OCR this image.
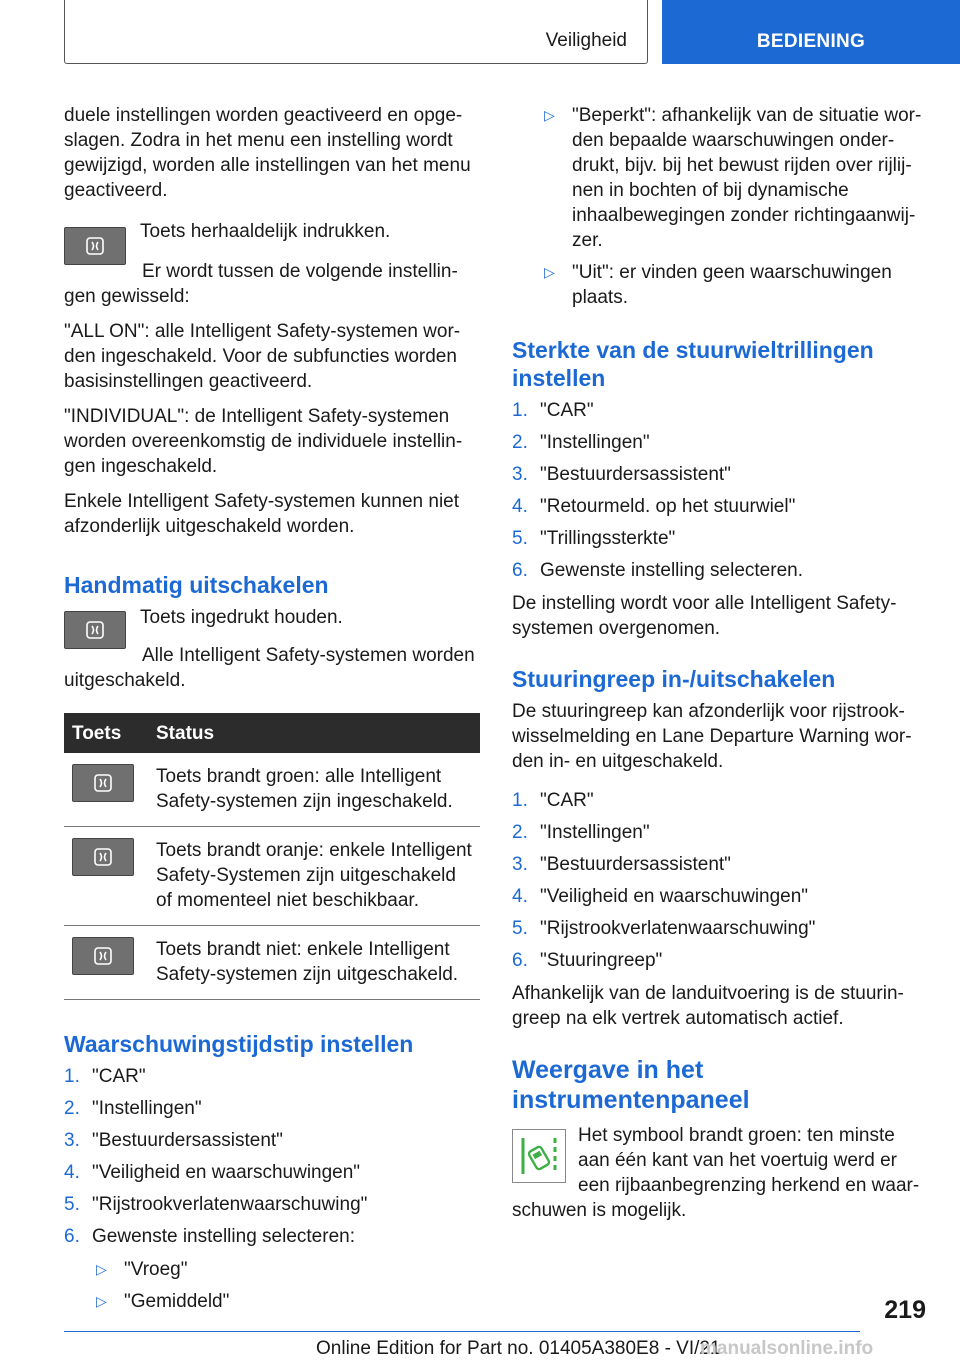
Veiligheid	BEDIENING

duele instellingen worden geactiveerd en opgeslagen. Zodra in het menu een instelling wordt gewijzigd, worden alle instellingen van het menu geactiveerd.

Toets herhaaldelijk indrukken.

Er wordt tussen de volgende instellingen gewisseld:

"ALL ON": alle Intelligent Safety-systemen worden ingeschakeld. Voor de subfuncties worden basisinstellingen geactiveerd.

"INDIVIDUAL": de Intelligent Safety-systemen worden overeenkomstig de individuele instellingen ingeschakeld.

Enkele Intelligent Safety-systemen kunnen niet afzonderlijk uitgeschakeld worden.

Handmatig uitschakelen

Toets ingedrukt houden.

Alle Intelligent Safety-systemen worden uitgeschakeld.

Toets	Status

	Toets brandt groen: alle Intelligent Safety-systemen zijn ingeschakeld.

	Toets brandt oranje: enkele Intelligent Safety-Systemen zijn uitgeschakeld of momenteel niet beschikbaar.

	Toets brandt niet: enkele Intelligent Safety-systemen zijn uitgeschakeld.
Waarschuwingstijdstip instellen
1. "CAR"
2. "Instellingen"
3. "Bestuurdersassistent"
4. "Veiligheid en waarschuwingen"
5. "Rijstrookverlatenwaarschuwing"
6. Gewenste instelling selecteren:
▷ "Vroeg"
▷ "Gemiddeld"
▷ "Beperkt": afhankelijk van de situatie worden bepaalde waarschuwingen onderdrukt, bijv. bij het bewust rijden over rijlijnen in bochten of bij dynamische inhaalbewegingen zonder richtingaanwijzer.
▷ "Uit": er vinden geen waarschuwingen plaats.
Sterkte van de stuurwieltrillingen instellen
1. "CAR"
2. "Instellingen"
3. "Bestuurdersassistent"
4. "Retourmeld. op het stuurwiel"
5. "Trillingssterkte"
6. Gewenste instelling selecteren.

De instelling wordt voor alle Intelligent Safety-systemen overgenomen.

Stuuringreep in-/uitschakelen

De stuuringreep kan afzonderlijk voor rijstrookwisselmelding en Lane Departure Warning worden in- en uitgeschakeld.

1. "CAR"
2. "Instellingen"
3. "Bestuurdersassistent"
4. "Veiligheid en waarschuwingen"
5. "Rijstrookverlatenwaarschuwing"
6. "Stuuringreep"

Afhankelijk van de landuitvoering is de stuuringreep na elk vertrek automatisch actief.

Weergave in het instrumentenpaneel

Het symbool brandt groen: ten minste aan één kant van het voertuig werd er een rijbaanbegrenzing herkend en waarschuwen is mogelijk.

219
Online Edition for Part no. 01405A380E8 - VI/21
manualsonline.info
